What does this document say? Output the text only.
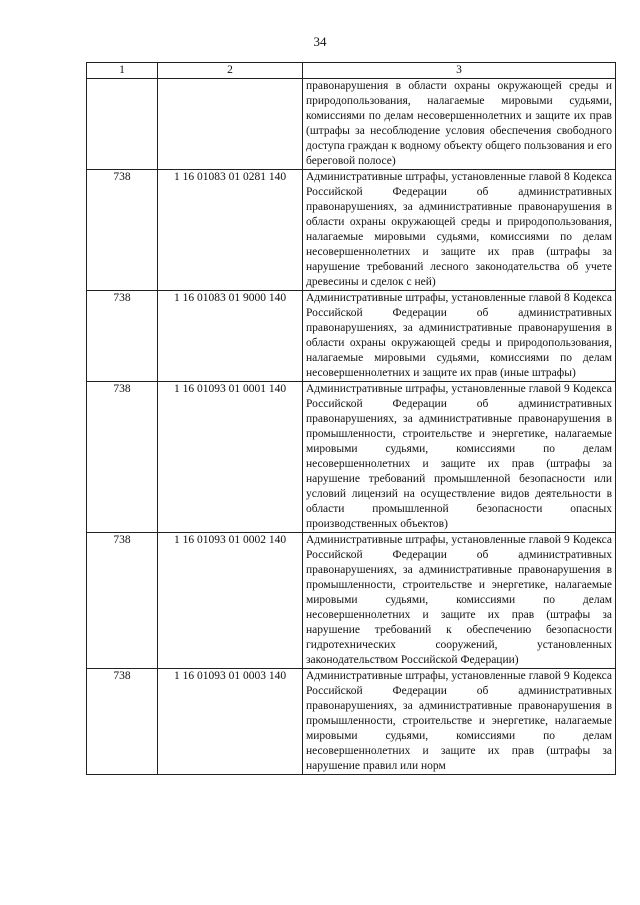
34
1	2	3
		правонарушения в области охраны окружающей среды и природопользования, налагаемые мировыми судьями, комиссиями по делам несовершеннолетних и защите их прав (штрафы за несоблюдение условия обеспечения свободного доступа граждан к водному объекту общего пользования и его береговой полосе)
738	1 16 01083 01 0281 140	Административные штрафы, установленные главой 8 Кодекса Российской Федерации об административных правонарушениях, за административные правонарушения в области охраны окружающей среды и природопользования, налагаемые мировыми судьями, комиссиями по делам несовершеннолетних и защите их прав (штрафы за нарушение требований лесного законодательства об учете древесины и сделок с ней)
738	1 16 01083 01 9000 140	Административные штрафы, установленные главой 8 Кодекса Российской Федерации об административных правонарушениях, за административные правонарушения в области охраны окружающей среды и природопользования, налагаемые мировыми судьями, комиссиями по делам несовершеннолетних и защите их прав (иные штрафы)
738	1 16 01093 01 0001 140	Административные штрафы, установленные главой 9 Кодекса Российской Федерации об административных правонарушениях, за административные правонарушения в промышленности, строительстве и энергетике, налагаемые мировыми судьями, комиссиями по делам несовершеннолетних и защите их прав (штрафы за нарушение требований промышленной безопасности или условий лицензий на осуществление видов деятельности в области промышленной безопасности опасных производственных объектов)
738	1 16 01093 01 0002 140	Административные штрафы, установленные главой 9 Кодекса Российской Федерации об административных правонарушениях, за административные правонарушения в промышленности, строительстве и энергетике, налагаемые мировыми судьями, комиссиями по делам несовершеннолетних и защите их прав (штрафы за нарушение требований к обеспечению безопасности гидротехнических сооружений, установленных законодательством Российской Федерации)
738	1 16 01093 01 0003 140	Административные штрафы, установленные главой 9 Кодекса Российской Федерации об административных правонарушениях, за административные правонарушения в промышленности, строительстве и энергетике, налагаемые мировыми судьями, комиссиями по делам несовершеннолетних и защите их прав (штрафы за нарушение правил или норм
